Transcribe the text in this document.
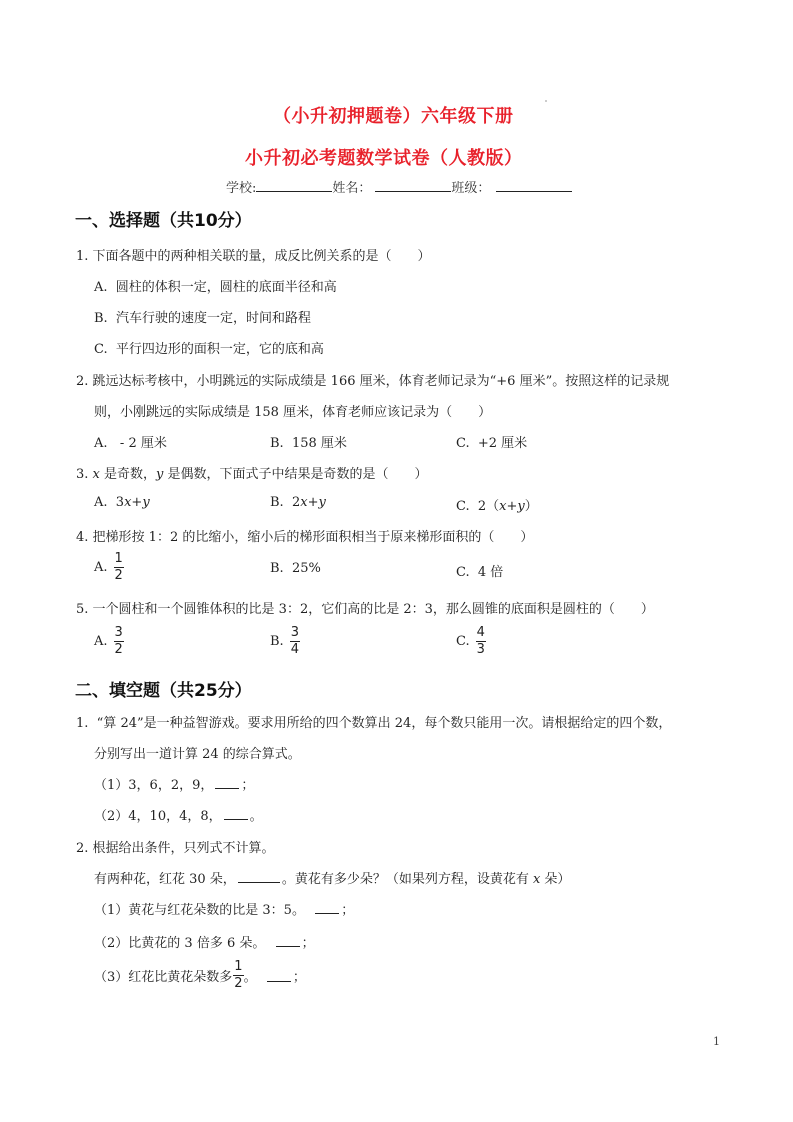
（小升初押题卷）六年级下册
小升初必考题数学试卷（人教版）
学校:	姓名：	班级：
一、选择题（共10分）
1. 下面各题中的两种相关联的量，成反比例关系的是（　　）
A. 圆柱的体积一定，圆柱的底面半径和高
B. 汽车行驶的速度一定，时间和路程
C. 平行四边形的面积一定，它的底和高
2. 跳远达标考核中，小明跳远的实际成绩是 166 厘米，体育老师记录为“+6 厘米”。按照这样的记录规
则，小刚跳远的实际成绩是 158 厘米，体育老师应该记录为（　　）
A.   - 2 厘米	B. 158 厘米	C. +2 厘米
3. x 是奇数，y 是偶数，下面式子中结果是奇数的是（　　）
A. 3x+y	B. 2x+y	C. 2（x+y）
4. 把梯形按 1：2 的比缩小，缩小后的梯形面积相当于原来梯形面积的（　　）
A. $\frac{1}{2}$	B. 25%	C. 4 倍
5. 一个圆柱和一个圆锥体积的比是 3：2，它们高的比是 2：3，那么圆锥的底面积是圆柱的（　　）
A. $\frac{3}{2}$	B. $\frac{3}{4}$	C. $\frac{4}{3}$
二、填空题（共25分）
1. “算 24”是一种益智游戏。要求用所给的四个数算出 24，每个数只能用一次。请根据给定的四个数，
分别写出一道计算 24 的综合算式。
（1）3，6，2，9， ；
（2）4，10，4，8， 。
2. 根据给出条件，只列式不计算。
有两种花，红花 30 朵，	。黄花有多少朵？（如果列方程，设黄花有 x 朵）
（1）黄花与红花朵数的比是 3：5。	；
（2）比黄花的 3 倍多 6 朵。	；
（3）红花比黄花朵数多 $\frac{1}{2}$ 。	；
1
